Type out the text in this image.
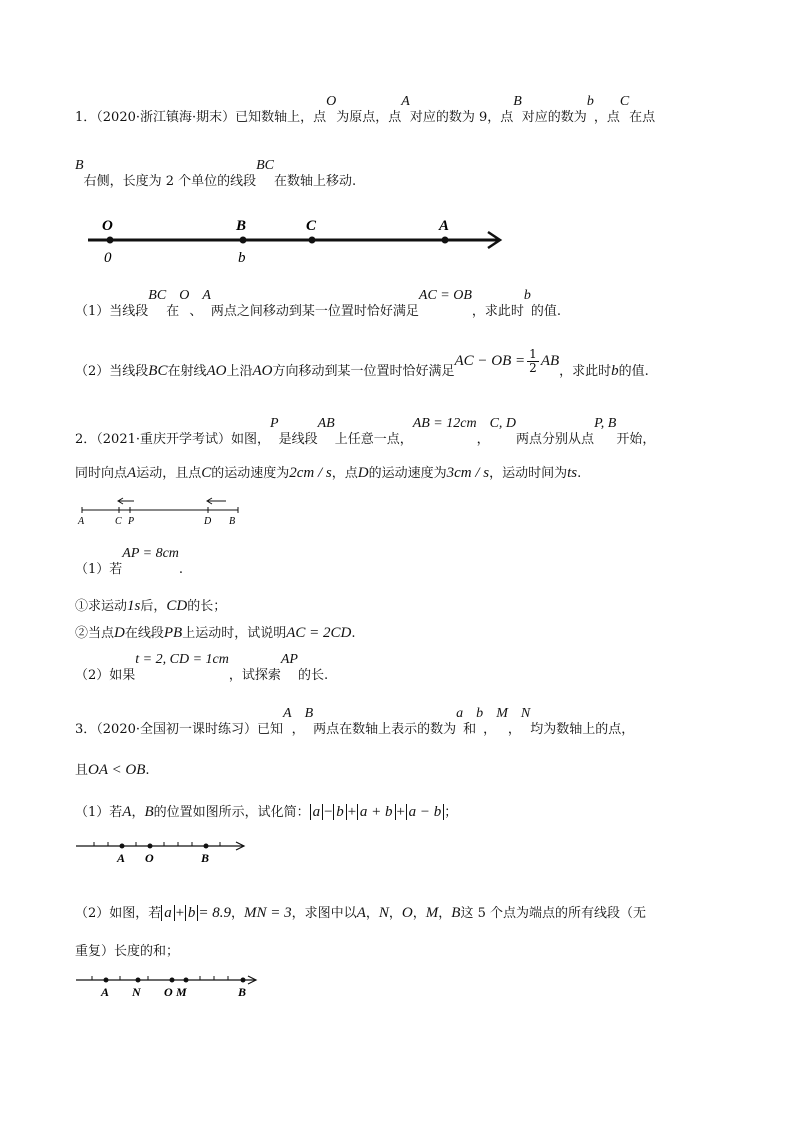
1．（2020·浙江镇海·期末）已知数轴上，点O为原点，点A对应的数为 9，点B对应的数为b，点C在点
B右侧，长度为 2 个单位的线段BC在数轴上移动.
O	B	C	A
0	b
（1）当线段BC在O、A两点之间移动到某一位置时恰好满足AC = OB，求此时b的值.
（2）当线段BC在射线AO上沿AO方向移动到某一位置时恰好满足AC − OB = $\frac{1}{2}$ AB，求此时b的值.
2．（2021·重庆开学考试）如图，P是线段AB上任意一点，AB = 12cm，C, D两点分别从点P, B开始，
同时向点A运动，且点C的运动速度为2cm / s，点D的运动速度为3cm / s，运动时间为ts.
A	C P	D B
（1）若AP = 8cm.
①求运动1s后，CD的长；
②当点D在线段PB上运动时，试说明AC = 2CD.
（2）如果t = 2, CD = 1cm，试探索AP的长.
3．（2020·全国初一课时练习）已知A，B两点在数轴上表示的数为a和b，M，N均为数轴上的点，
且OA < OB.
（1）若A，B的位置如图所示，试化简： a − b + a + b + a − b ；
A O	B
（2）如图，若 a + b = 8.9，MN = 3，求图中以A，N，O，M，B这 5 个点为端点的所有线段（无
重复）长度的和；
A N O M	B
